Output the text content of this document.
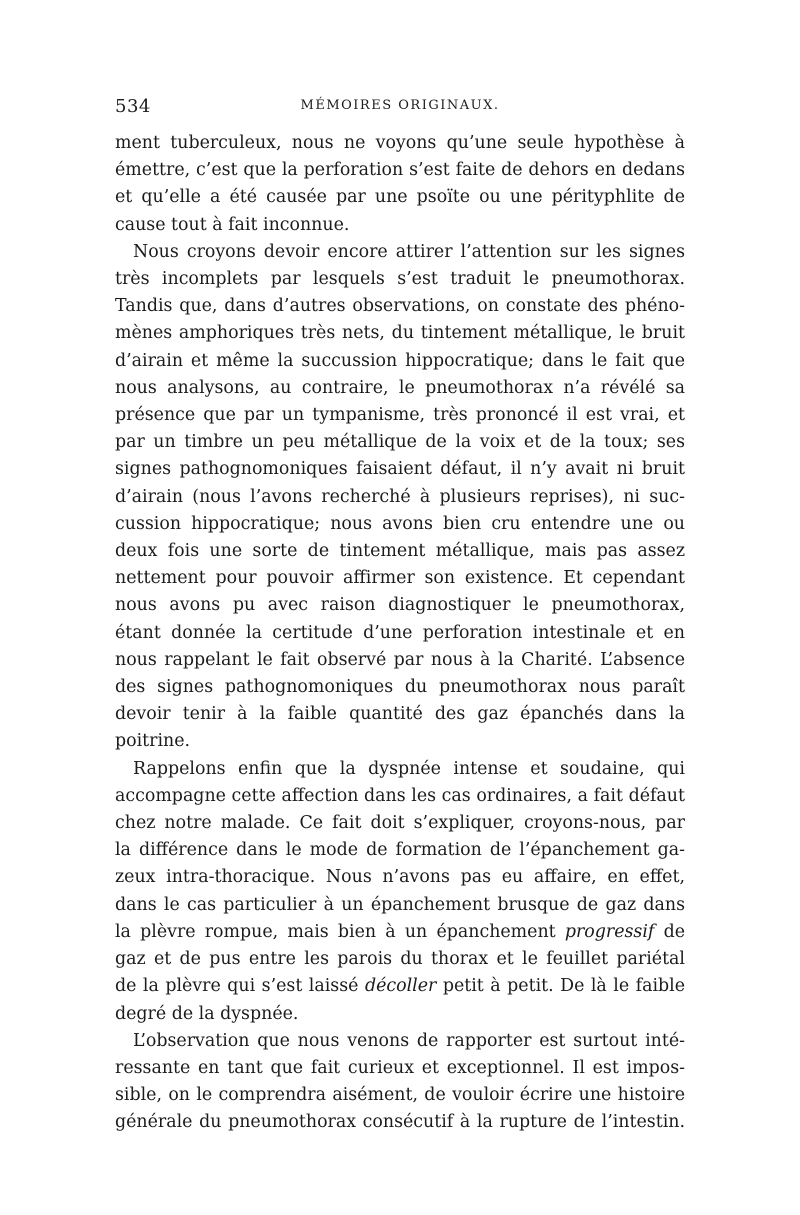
534	MÉMOIRES ORIGINAUX.
ment tuberculeux, nous ne voyons qu’une seule hypothèse à
émettre, c’est que la perforation s’est faite de dehors en dedans
et qu’elle a été causée par une psoïte ou une pérityphlite de
cause tout à fait inconnue.
Nous croyons devoir encore attirer l’attention sur les signes
très incomplets par lesquels s’est traduit le pneumothorax.
Tandis que, dans d’autres observations, on constate des phéno-
mènes amphoriques très nets, du tintement métallique, le bruit
d’airain et même la succussion hippocratique; dans le fait que
nous analysons, au contraire, le pneumothorax n’a révélé sa
présence que par un tympanisme, très prononcé il est vrai, et
par un timbre un peu métallique de la voix et de la toux; ses
signes pathognomoniques faisaient défaut, il n’y avait ni bruit
d’airain (nous l’avons recherché à plusieurs reprises), ni suc-
cussion hippocratique; nous avons bien cru entendre une ou
deux fois une sorte de tintement métallique, mais pas assez
nettement pour pouvoir affirmer son existence. Et cependant
nous avons pu avec raison diagnostiquer le pneumothorax,
étant donnée la certitude d’une perforation intestinale et en
nous rappelant le fait observé par nous à la Charité. L’absence
des signes pathognomoniques du pneumothorax nous paraît
devoir tenir à la faible quantité des gaz épanchés dans la
poitrine.
Rappelons enfin que la dyspnée intense et soudaine, qui
accompagne cette affection dans les cas ordinaires, a fait défaut
chez notre malade. Ce fait doit s’expliquer, croyons-nous, par
la différence dans le mode de formation de l’épanchement ga-
zeux intra-thoracique. Nous n’avons pas eu affaire, en effet,
dans le cas particulier à un épanchement brusque de gaz dans
la plèvre rompue, mais bien à un épanchement progressif de
gaz et de pus entre les parois du thorax et le feuillet pariétal
de la plèvre qui s’est laissé décoller petit à petit. De là le faible
degré de la dyspnée.
L’observation que nous venons de rapporter est surtout inté-
ressante en tant que fait curieux et exceptionnel. Il est impos-
sible, on le comprendra aisément, de vouloir écrire une histoire
générale du pneumothorax consécutif à la rupture de l’intestin.
